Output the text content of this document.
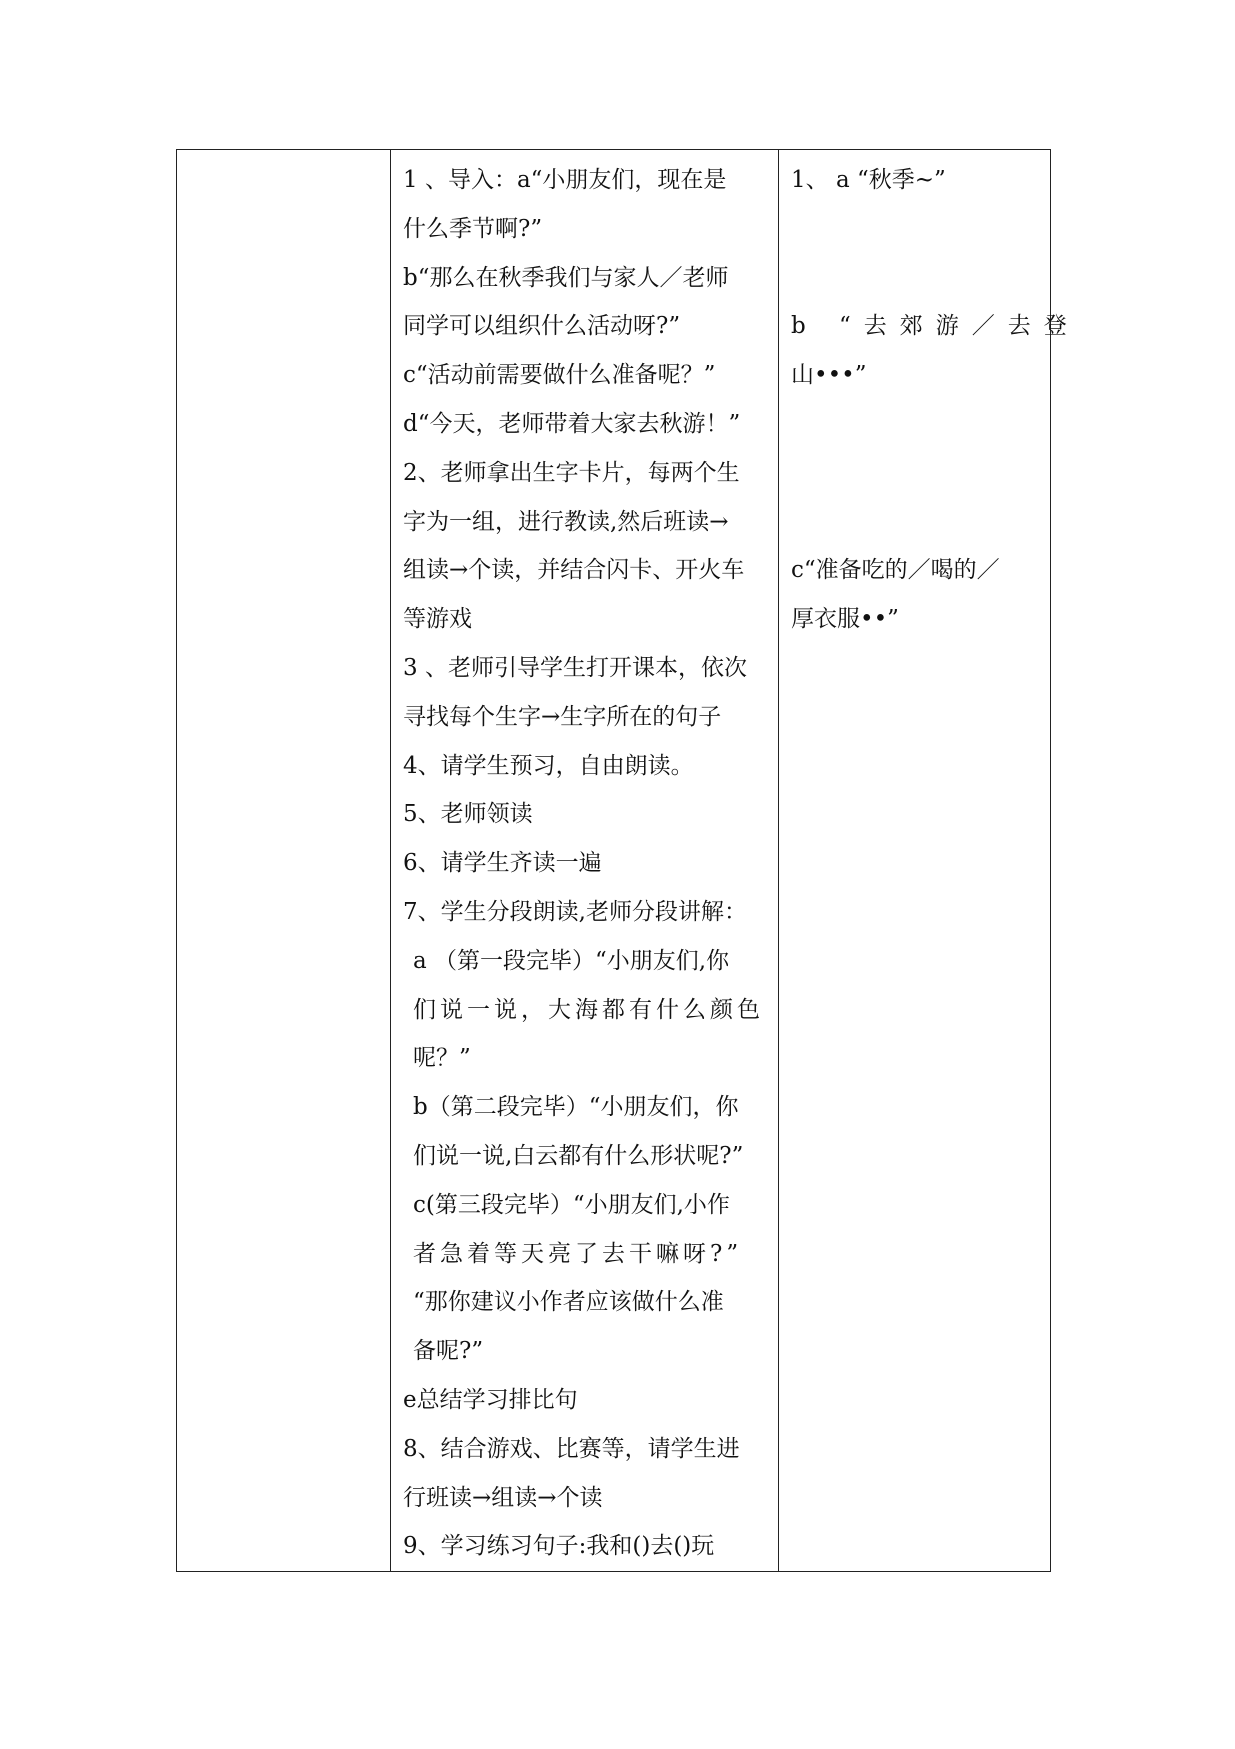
1 、导入：a“小朋友们，现在是
什么季节啊?”
b“那么在秋季我们与家人／老师
同学可以组织什么活动呀?”
c“活动前需要做什么准备呢？”
d“今天，老师带着大家去秋游！”
2、老师拿出生字卡片，每两个生
字为一组，进行教读,然后班读→
组读→个读，并结合闪卡、开火车
等游戏
3 、老师引导学生打开课本，依次
寻找每个生字→生字所在的句子
4、请学生预习，自由朗读。
5、老师领读
6、请学生齐读一遍
7、学生分段朗读,老师分段讲解：
a （第一段完毕）“小朋友们,你
们说一说，大海都有什么颜色
呢？”
b（第二段完毕）“小朋友们，你
们说一说,白云都有什么形状呢?”
c(第三段完毕）“小朋友们,小作
者急着等天亮了去干嘛呀?”
“那你建议小作者应该做什么准
备呢?”
e总结学习排比句
8、结合游戏、比赛等，请学生进
行班读→组读→个读
9、学习练习句子:我和()去()玩

1、 a “秋季~”
b “去郊游／去登
山•••”
c“准备吃的／喝的／
厚衣服••”
